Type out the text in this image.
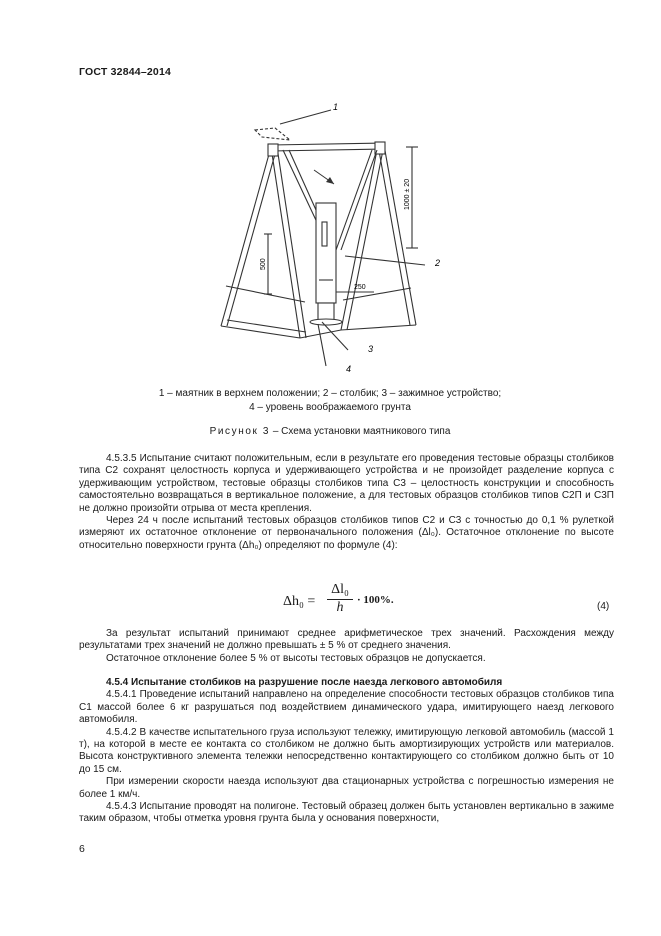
ГОСТ 32844–2014
1
2
3
4
1000 ± 20
500
250
1 – маятник в верхнем положении; 2 – столбик; 3 – зажимное устройство;
4 – уровень воображаемого грунта
Рисунок 3 – Схема установки маятникового типа

4.5.3.5 Испытание считают положительным, если в результате его проведения тестовые образцы столбиков типа С2 сохранят целостность корпуса и удерживающего устройства и не произойдет разделение корпуса с удерживающим устройством, тестовые образцы столбиков типа С3 – целостность конструкции и способность самостоятельно возвращаться в вертикальное положение, а для тестовых образцов столбиков типов С2П и С3П не должно произойти отрыва от места крепления.

Через 24 ч после испытаний тестовых образцов столбиков типов С2 и С3 с точностью до 0,1 % рулеткой измеряют их остаточное отклонение от первоначального положения (Δl₀). Остаточное отклонение по высоте относительно поверхности грунта (Δh₀) определяют по формуле (4):

Δh₀ =
Δl₀
h	· 100%.
(4)

За результат испытаний принимают среднее арифметическое трех значений. Расхождения между результатами трех значений не должно превышать ± 5 % от среднего значения.

Остаточное отклонение более 5 % от высоты тестовых образцов не допускается.

4.5.4 Испытание столбиков на разрушение после наезда легкового автомобиля

4.5.4.1 Проведение испытаний направлено на определение способности тестовых образцов столбиков типа С1 массой более 6 кг разрушаться под воздействием динамического удара, имитирующего наезд легкового автомобиля.

4.5.4.2 В качестве испытательного груза используют тележку, имитирующую легковой автомобиль (массой 1 т), на которой в месте ее контакта со столбиком не должно быть амортизирующих устройств или материалов. Высота конструктивного элемента тележки непосредственно контактирующего со столбиком должно быть от 10 до 15 см.

При измерении скорости наезда используют два стационарных устройства с погрешностью измерения не более 1 км/ч.

4.5.4.3 Испытание проводят на полигоне. Тестовый образец должен быть установлен вертикально в зажиме таким образом, чтобы отметка уровня грунта была у основания поверхности,

6
